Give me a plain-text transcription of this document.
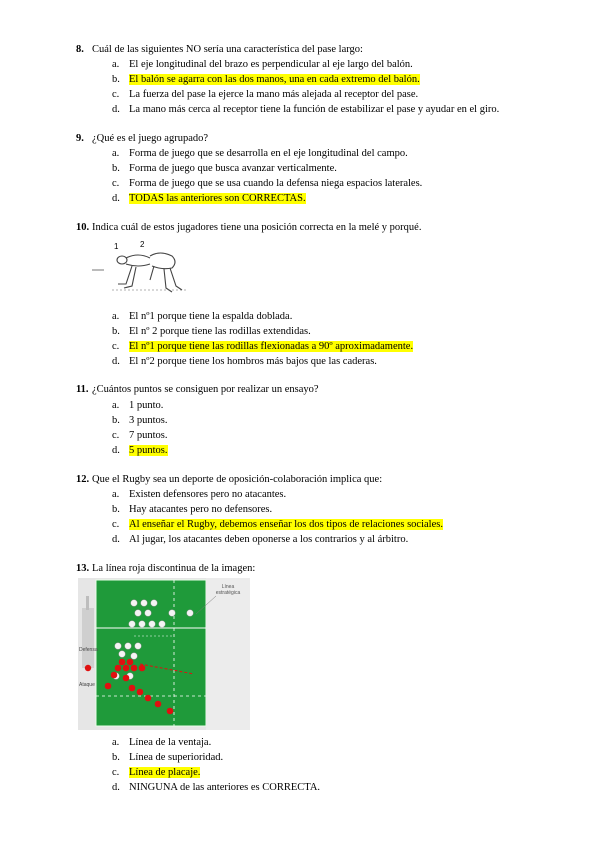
8. Cuál de las siguientes NO sería una característica del pase largo:
a. El eje longitudinal del brazo es perpendicular al eje largo del balón.
b. El balón se agarra con las dos manos, una en cada extremo del balón.
c. La fuerza del pase la ejerce la mano más alejada al receptor del pase.
d. La mano más cerca al receptor tiene la función de estabilizar el pase y ayudar en el giro.
9. ¿Qué es el juego agrupado?
a. Forma de juego que se desarrolla en el eje longitudinal del campo.
b. Forma de juego que busca avanzar verticalmente.
c. Forma de juego que se usa cuando la defensa niega espacios laterales.
d. TODAS las anteriores son CORRECTAS.
10. Indica cuál de estos jugadores tiene una posición correcta en la melé y porqué.
1	2
a. El nº1 porque tiene la espalda doblada.
b. El nº 2 porque tiene las rodillas extendidas.
c. El nº1 porque tiene las rodillas flexionadas a 90º aproximadamente.
d. El nº2 porque tiene los hombros más bajos que las caderas.
11. ¿Cuántos puntos se consiguen por realizar un ensayo?
a. 1 punto.
b. 3 puntos.
c. 7 puntos.
d. 5 puntos.
12. Que el Rugby sea un deporte de oposición-colaboración implica que:
a. Existen defensores pero no atacantes.
b. Hay atacantes pero no defensores.
c. Al enseñar el Rugby, debemos enseñar los dos tipos de relaciones sociales.
d. Al jugar, los atacantes deben oponerse a los contrarios y al árbitro.
13. La línea roja discontinua de la imagen:
Línea
estratégica
Defensa
Ataque
a. Línea de la ventaja.
b. Línea de superioridad.
c. Línea de placaje.
d. NINGUNA de las anteriores es CORRECTA.
